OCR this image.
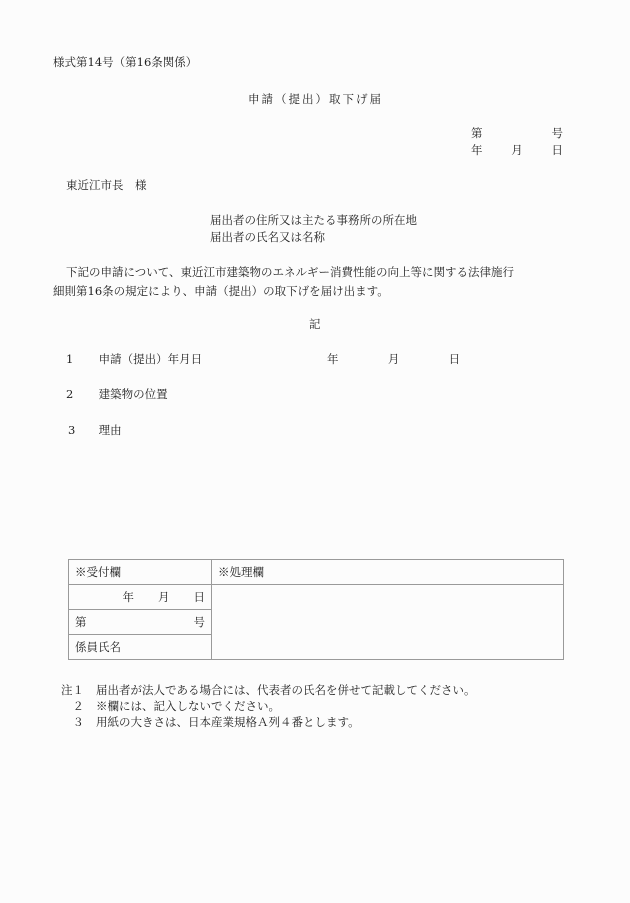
様式第14号（第16条関係）
申請（提出）取下げ届
第	号
年	月	日
東近江市長　様
届出者の住所又は主たる事務所の所在地
届出者の氏名又は名称
下記の申請について、東近江市建築物のエネルギー消費性能の向上等に関する法律施行
細則第16条の規定により、申請（提出）の取下げを届け出ます。
記
1 申請（提出）年月日	年	月	日
2 建築物の位置
3 理由
※受付欄	※処理欄

年 月 日	

第 号	

係員氏名	
注１	届出者が法人である場合には、代表者の氏名を併せて記載してください。
２	※欄には、記入しないでください。
３	用紙の大きさは、日本産業規格Ａ列４番とします。
